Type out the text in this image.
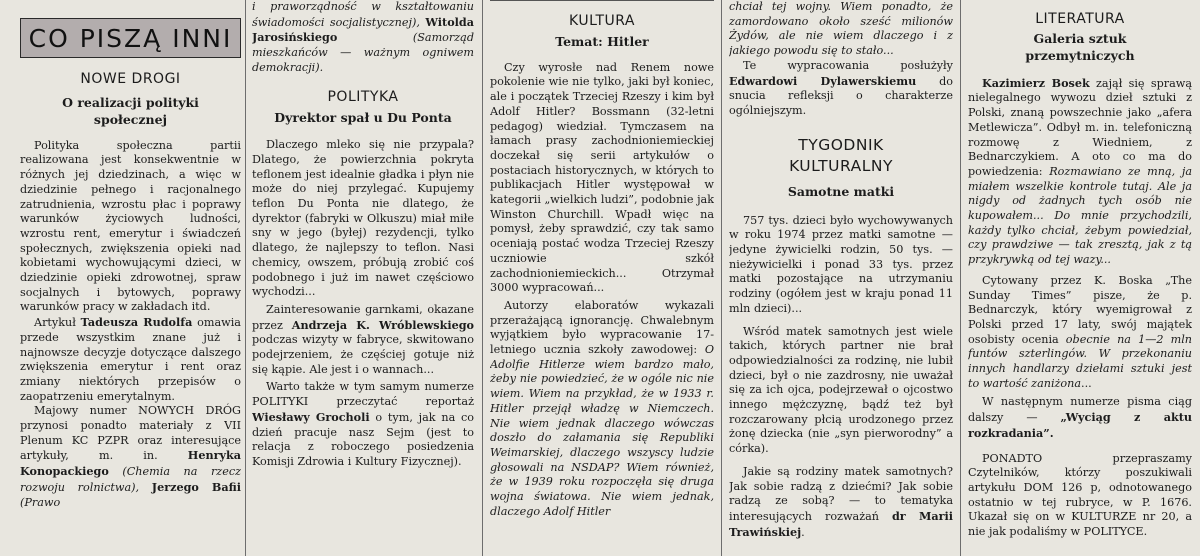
CO PISZĄ INNI
NOWE DROGI
O realizacji polityki społecznej

Polityka społeczna partii realizowana jest konsekwentnie w różnych jej dziedzinach, a więc w dziedzinie pełnego i racjonalnego zatrudnienia, wzrostu płac i poprawy warunków życiowych ludności, wzrostu rent, emerytur i świadczeń społecznych, zwiększenia opieki nad kobietami wychowującymi dzieci, w dziedzinie opieki zdrowotnej, spraw socjalnych i bytowych, poprawy warunków pracy w zakładach itd.

Artykuł Tadeusza Rudolfa omawia przede wszystkim znane już i najnowsze decyzje dotyczące dalszego zwiększenia emerytur i rent oraz zmiany niektórych przepisów o zaopatrzeniu emerytalnym.

Majowy numer NOWYCH DRÓG przynosi ponadto materiały z VII Plenum KC PZPR oraz interesujące artykuły, m. in. Henryka Konopackiego (Chemia na rzecz rozwoju rolnictwa), Jerzego Bafii (Prawo

i praworządność w kształtowaniu świadomości socjalistycznej), Witolda Jarosińskiego (Samorząd mieszkańców — ważnym ogniwem demokracji).

POLITYKA
Dyrektor spał u Du Ponta

Dlaczego mleko się nie przypala? Dlatego, że powierzchnia pokryta teflonem jest idealnie gładka i płyn nie może do niej przylegać. Kupujemy teflon Du Ponta nie dlatego, że dyrektor (fabryki w Olkuszu) miał miłe sny w jego (byłej) rezydencji, tylko dlatego, że najlepszy to teflon. Nasi chemicy, owszem, próbują zrobić coś podobnego i już im nawet częściowo wychodzi...

Zainteresowanie garnkami, okazane przez Andrzeja K. Wróblewskiego podczas wizyty w fabryce, skwitowano podejrzeniem, że częściej gotuje niż się kąpie. Ale jest i o wannach...

Warto także w tym samym numerze POLITYKI przeczytać reportaż Wiesławy Grocholi o tym, jak na co dzień pracuje nasz Sejm (jest to relacja z roboczego posiedzenia Komisji Zdrowia i Kultury Fizycznej).

KULTURA
Temat: Hitler

Czy wyrosłe nad Renem nowe pokolenie wie nie tylko, jaki był koniec, ale i początek Trzeciej Rzeszy i kim był Adolf Hitler? Bossmann (32-letni pedagog) wiedział. Tymczasem na łamach prasy zachodnioniemieckiej doczekał się serii artykułów o postaciach historycznych, w których to publikacjach Hitler występował w kategorii „wielkich ludzi”, podobnie jak Winston Churchill. Wpadł więc na pomysł, żeby sprawdzić, czy tak samo oceniają postać wodza Trzeciej Rzeszy uczniowie szkół zachodnioniemieckich... Otrzymał 3000 wypracowań...

Autorzy elaboratów wykazali przerażającą ignorancję. Chwalebnym wyjątkiem było wypracowanie 17-letniego ucznia szkoły zawodowej: O Adolfie Hitlerze wiem bardzo mało, żeby nie powiedzieć, że w ogóle nic nie wiem. Wiem na przykład, że w 1933 r. Hitler przejął władzę w Niemczech. Nie wiem jednak dlaczego wówczas doszło do załamania się Republiki Weimarskiej, dlaczego wszyscy ludzie głosowali na NSDAP? Wiem również, że w 1939 roku rozpoczęła się druga wojna światowa. Nie wiem jednak, dlaczego Adolf Hitler

chciał tej wojny. Wiem ponadto, że zamordowano około sześć milionów Żydów, ale nie wiem dlaczego i z jakiego powodu się to stało...

Te wypracowania posłużyły Edwardowi Dylawerskiemu do snucia refleksji o charakterze ogólniejszym.

TYGODNIK
KULTURALNY
Samotne matki

757 tys. dzieci było wychowywanych w roku 1974 przez matki samotne — jedyne żywicielki rodzin, 50 tys. — nieżywicielki i ponad 33 tys. przez matki pozostające na utrzymaniu rodziny (ogółem jest w kraju ponad 11 mln dzieci)...

Wśród matek samotnych jest wiele takich, których partner nie brał odpowiedzialności za rodzinę, nie lubił dzieci, był o nie zazdrosny, nie uważał się za ich ojca, podejrzewał o ojcostwo innego mężczyznę, bądź też był rozczarowany płcią urodzonego przez żonę dziecka (nie „syn pierworodny” a córka).

Jakie są rodziny matek samotnych? Jak sobie radzą z dziećmi? Jak sobie radzą ze sobą? — to tematyka interesujących rozważań dr Marii Trawińskiej.

LITERATURA
Galeria sztuk
przemytniczych

Kazimierz Bosek zajął się sprawą nielegalnego wywozu dzieł sztuki z Polski, znaną powszechnie jako „afera Metlewicza”. Odbył m. in. telefoniczną rozmowę z Wiedniem, z Bednarczykiem. A oto co ma do powiedzenia: Rozmawiano ze mną, ja miałem wszelkie kontrole tutaj. Ale ja nigdy od żadnych tych osób nie kupowałem... Do mnie przychodzili, każdy tylko chciał, żebym powiedział, czy prawdziwe — tak zresztą, jak z tą przykrywką od tej wazy...

Cytowany przez K. Boska „The Sunday Times” pisze, że p. Bednarczyk, który wyemigrował z Polski przed 17 laty, swój majątek osobisty ocenia obecnie na 1—2 mln funtów szterlingów. W przekonaniu innych handlarzy dziełami sztuki jest to wartość zaniżona...

W następnym numerze pisma ciąg dalszy — „Wyciąg z aktu rozkradania”.

PONADTO przepraszamy Czytelników, którzy poszukiwali artykułu DOM 126 p, odnotowanego ostatnio w tej rubryce, w P. 1676. Ukazał się on w KULTURZE nr 20, a nie jak podaliśmy w POLITYCE.
